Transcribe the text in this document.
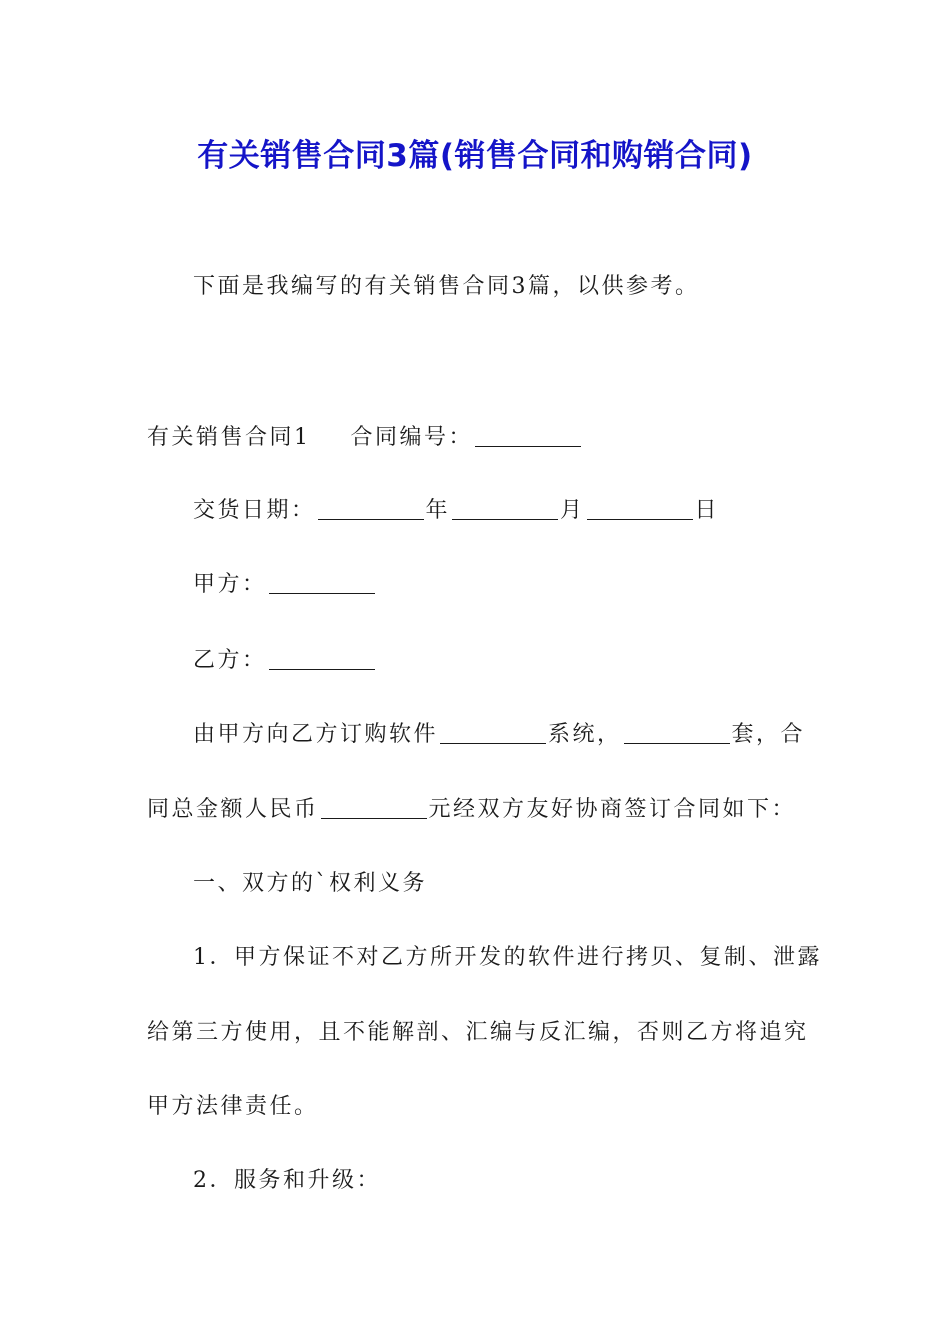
有关销售合同3篇(销售合同和购销合同)
下面是我编写的有关销售合同3篇，以供参考。
有关销售合同1 合同编号：
交货日期：	年	月	日
甲方：
乙方：
由甲方向乙方订购软件	系统，	套，合
同总金额人民币	元经双方友好协商签订合同如下：
一、双方的`权利义务
1．甲方保证不对乙方所开发的软件进行拷贝、复制、泄露
给第三方使用，且不能解剖、汇编与反汇编，否则乙方将追究
甲方法律责任。
2．服务和升级：
